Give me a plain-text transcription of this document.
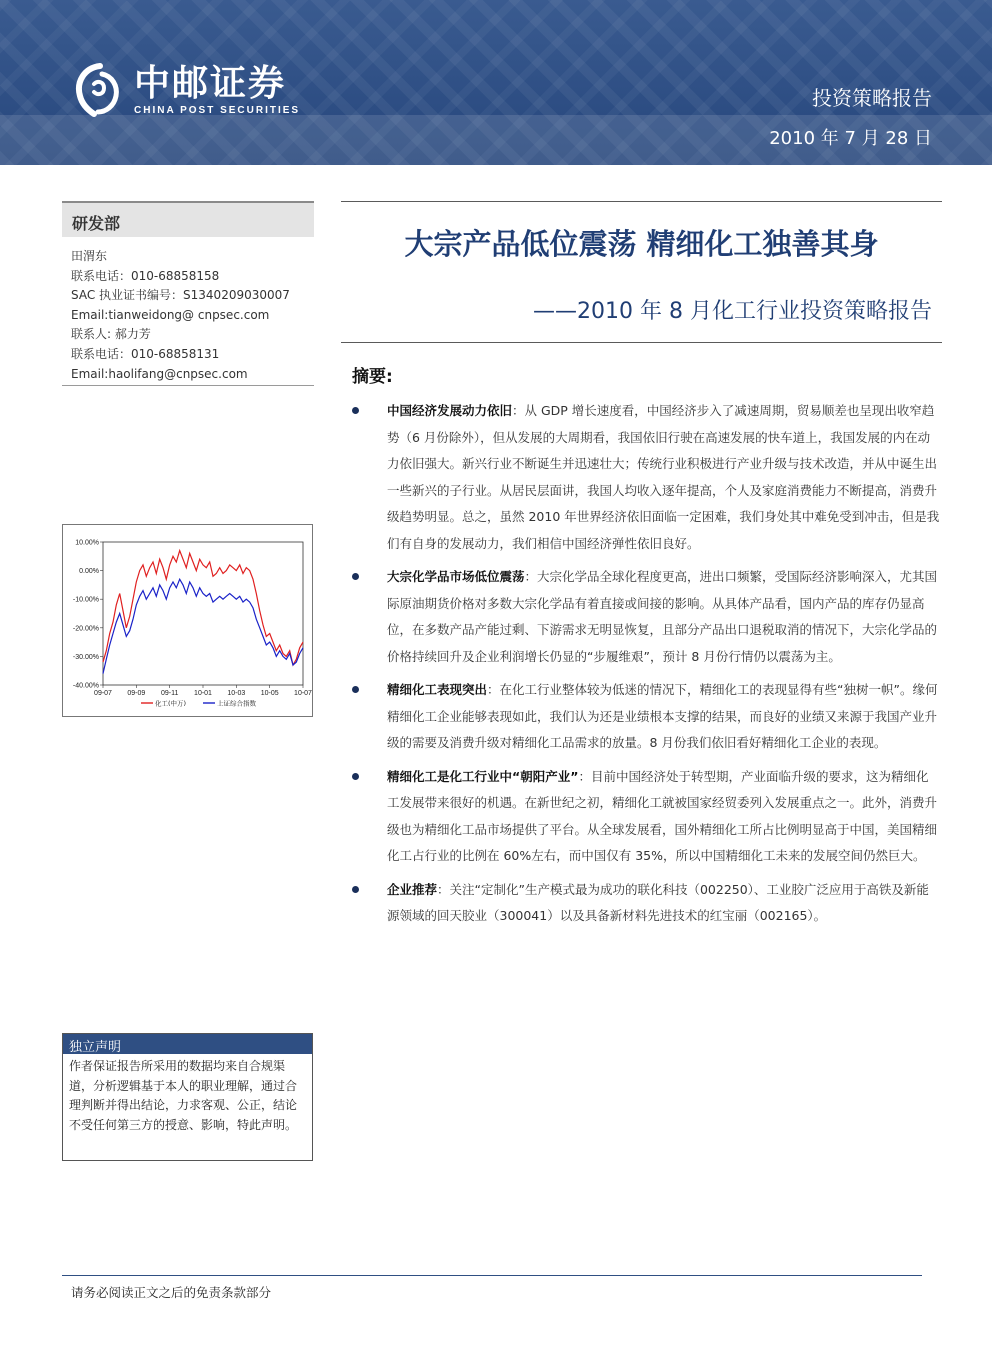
中邮证券
CHINA POST SECURITIES	投资策略报告
2010 年 7 月 28 日
研发部
田渭东
联系电话：010-68858158
SAC 执业证书编号：S1340209030007
Email:tianweidong@ cnpsec.com
联系人: 郝力芳
联系电话：010-68858131
Email:haolifang@cnpsec.com
10.00%
0.00%
-10.00%
-20.00%
-30.00%
-40.00%
09-07 09-09 09-11 10-01 10-03 10-05 10-07
化工(中万)	上证综合指数
独立声明
作者保证报告所采用的数据均来自合规渠道，分析逻辑基于本人的职业理解，通过合理判断并得出结论，力求客观、公正，结论不受任何第三方的授意、影响，特此声明。
大宗产品低位震荡 精细化工独善其身
——2010 年 8 月化工行业投资策略报告
摘要:
中国经济发展动力依旧：从 GDP 增长速度看，中国经济步入了减速周期，贸易顺差也呈现出收窄趋势（6 月份除外），但从发展的大周期看，我国依旧行驶在高速发展的快车道上，我国发展的内在动力依旧强大。新兴行业不断诞生并迅速壮大；传统行业积极进行产业升级与技术改造，并从中诞生出一些新兴的子行业。从居民层面讲，我国人均收入逐年提高，个人及家庭消费能力不断提高，消费升级趋势明显。总之，虽然 2010 年世界经济依旧面临一定困难，我们身处其中难免受到冲击，但是我们有自身的发展动力，我们相信中国经济弹性依旧良好。
大宗化学品市场低位震荡：大宗化学品全球化程度更高，进出口频繁，受国际经济影响深入，尤其国际原油期货价格对多数大宗化学品有着直接或间接的影响。从具体产品看，国内产品的库存仍显高位，在多数产品产能过剩、下游需求无明显恢复，且部分产品出口退税取消的情况下，大宗化学品的价格持续回升及企业利润增长仍显的“步履维艰”，预计 8 月份行情仍以震荡为主。
精细化工表现突出：在化工行业整体较为低迷的情况下，精细化工的表现显得有些“独树一帜”。缘何精细化工企业能够表现如此，我们认为还是业绩根本支撑的结果，而良好的业绩又来源于我国产业升级的需要及消费升级对精细化工品需求的放量。8 月份我们依旧看好精细化工企业的表现。
精细化工是化工行业中“朝阳产业”：目前中国经济处于转型期，产业面临升级的要求，这为精细化工发展带来很好的机遇。在新世纪之初，精细化工就被国家经贸委列入发展重点之一。此外，消费升级也为精细化工品市场提供了平台。从全球发展看，国外精细化工所占比例明显高于中国，美国精细化工占行业的比例在 60%左右，而中国仅有 35%，所以中国精细化工未来的发展空间仍然巨大。
企业推荐：关注“定制化”生产模式最为成功的联化科技（002250）、工业胶广泛应用于高铁及新能源领域的回天胶业（300041）以及具备新材料先进技术的红宝丽（002165）。
请务必阅读正文之后的免责条款部分
